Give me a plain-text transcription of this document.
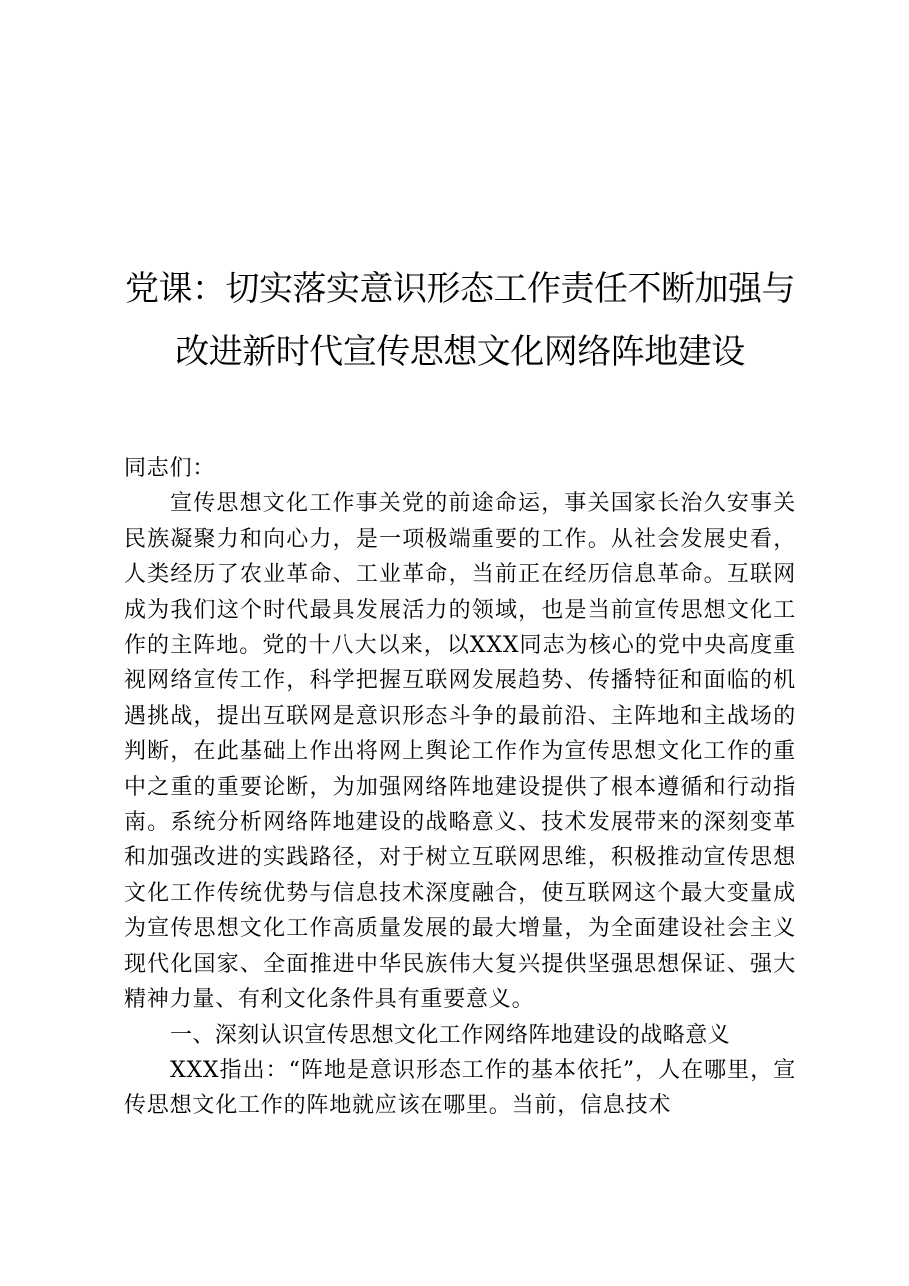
党课：切实落实意识形态工作责任不断加强与
改进新时代宣传思想文化网络阵地建设

同志们：

宣传思想文化工作事关党的前途命运，事关国家长治久安事关民族凝聚力和向心力，是一项极端重要的工作。从社会发展史看，人类经历了农业革命、工业革命，当前正在经历信息革命。互联网成为我们这个时代最具发展活力的领域，也是当前宣传思想文化工作的主阵地。党的十八大以来，以XXX同志为核心的党中央高度重视网络宣传工作，科学把握互联网发展趋势、传播特征和面临的机遇挑战，提出互联网是意识形态斗争的最前沿、主阵地和主战场的判断，在此基础上作出将网上舆论工作作为宣传思想文化工作的重中之重的重要论断，为加强网络阵地建设提供了根本遵循和行动指南。系统分析网络阵地建设的战略意义、技术发展带来的深刻变革和加强改进的实践路径，对于树立互联网思维，积极推动宣传思想文化工作传统优势与信息技术深度融合，使互联网这个最大变量成为宣传思想文化工作高质量发展的最大增量，为全面建设社会主义现代化国家、全面推进中华民族伟大复兴提供坚强思想保证、强大精神力量、有利文化条件具有重要意义。

一、深刻认识宣传思想文化工作网络阵地建设的战略意义

XXX指出：“阵地是意识形态工作的基本依托”，人在哪里，宣传思想文化工作的阵地就应该在哪里。当前，信息技术
